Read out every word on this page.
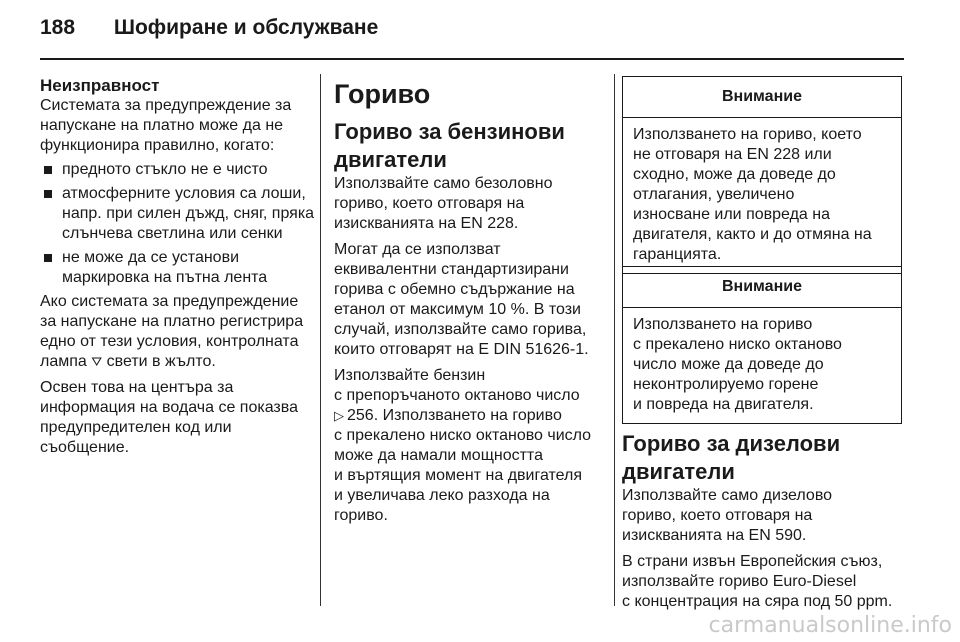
188 Шофиране и обслужване
Неизправност
Системата за предупреждение за
напускане на платно може да не
функционира правилно, когато:
предното стъкло не е чисто
атмосферните условия са лоши,
напр. при силен дъжд, сняг, пряка
слънчева светлина или сенки
не може да се установи
маркировка на пътна лента
Ако системата за предупреждение
за напускане на платно регистрира
едно от тези условия, контролната
лампа ⛛ свети в жълто.
Освен това на центъра за
информация на водача се показва
предупредителен код или
съобщение.
Гориво
Гориво за бензинови
двигатели
Използвайте само безоловно
гориво, което отговаря на
изискванията на EN 228.
Могат да се използват
еквивалентни стандартизирани
горива с обемно съдържание на
етанол от максимум 10 %. В този
случай, използвайте само горива,
които отговарят на E DIN 51626-1.
Използвайте бензин
с препоръчаното октаново число
▷ 256. Използването на гориво
с прекалено ниско октаново число
може да намали мощността
и въртящия момент на двигателя
и увеличава леко разхода на
гориво.
Внимание
Използването на гориво, което
не отговаря на EN 228 или
сходно, може да доведе до
отлагания, увеличено
износване или повреда на
двигателя, както и до отмяна на
гаранцията.
Внимание
Използването на гориво
с прекалено ниско октаново
число може да доведе до
неконтролируемо горене
и повреда на двигателя.
Гориво за дизелови
двигатели
Използвайте само дизелово
гориво, което отговаря на
изискванията на EN 590.
В страни извън Европейския съюз,
използвайте гориво Euro-Diesel
с концентрация на сяра под 50 ppm.
carmanualsonline.info
